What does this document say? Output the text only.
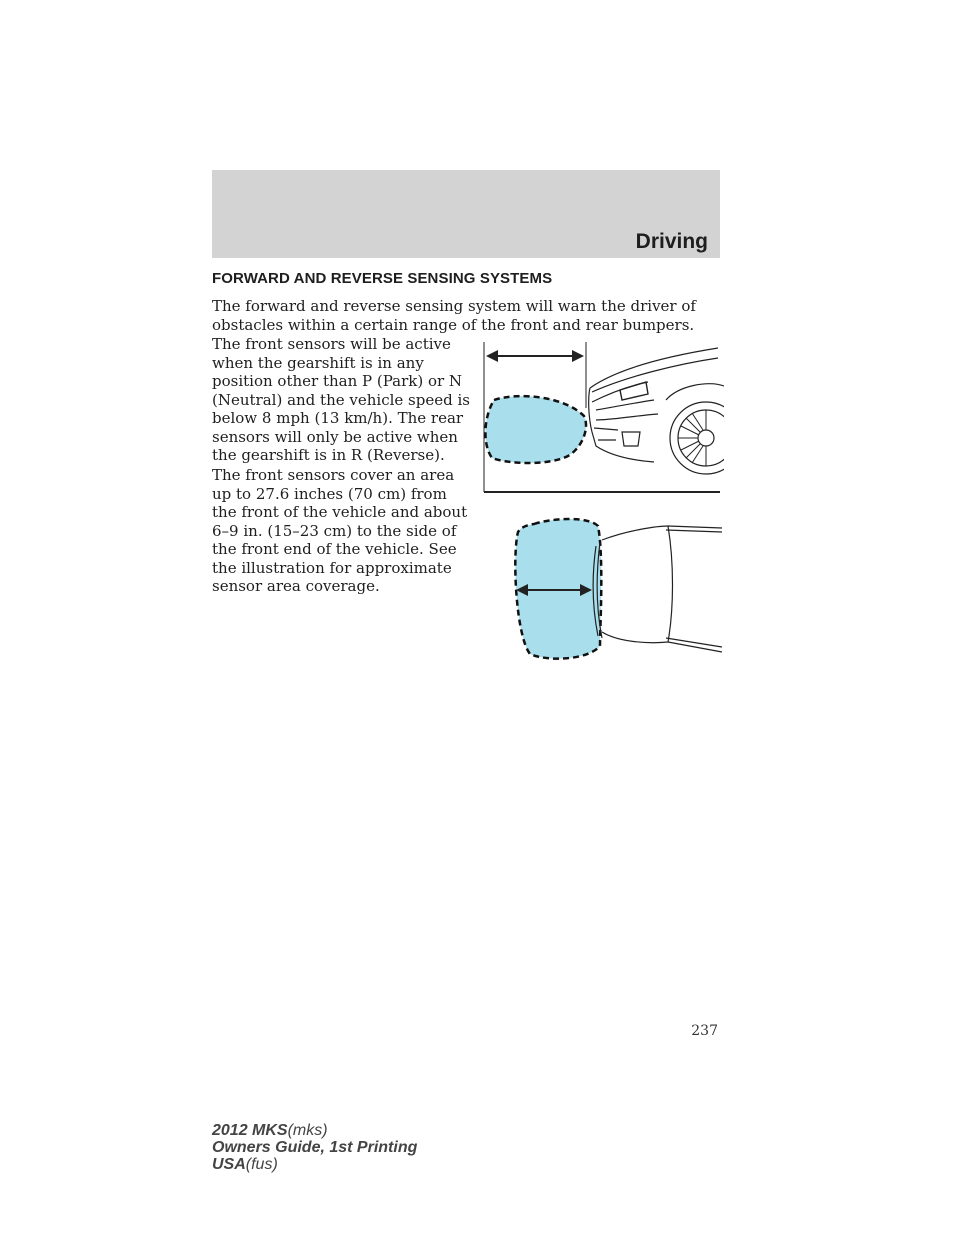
Driving
FORWARD AND REVERSE SENSING SYSTEMS

The forward and reverse sensing system will warn the driver of obstacles within a certain range of the front and rear bumpers.

The front sensors will be active when the gearshift is in any position other than P (Park) or N (Neutral) and the vehicle speed is below 8 mph (13 km/h). The rear sensors will only be active when the gearshift is in R (Reverse).

The front sensors cover an area up to 27.6 inches (70 cm) from the front of the vehicle and about 6–9 in. (15–23 cm) to the side of the front end of the vehicle. See the illustration for approximate sensor area coverage.

237
2012 MKS(mks)
Owners Guide, 1st Printing
USA(fus)
